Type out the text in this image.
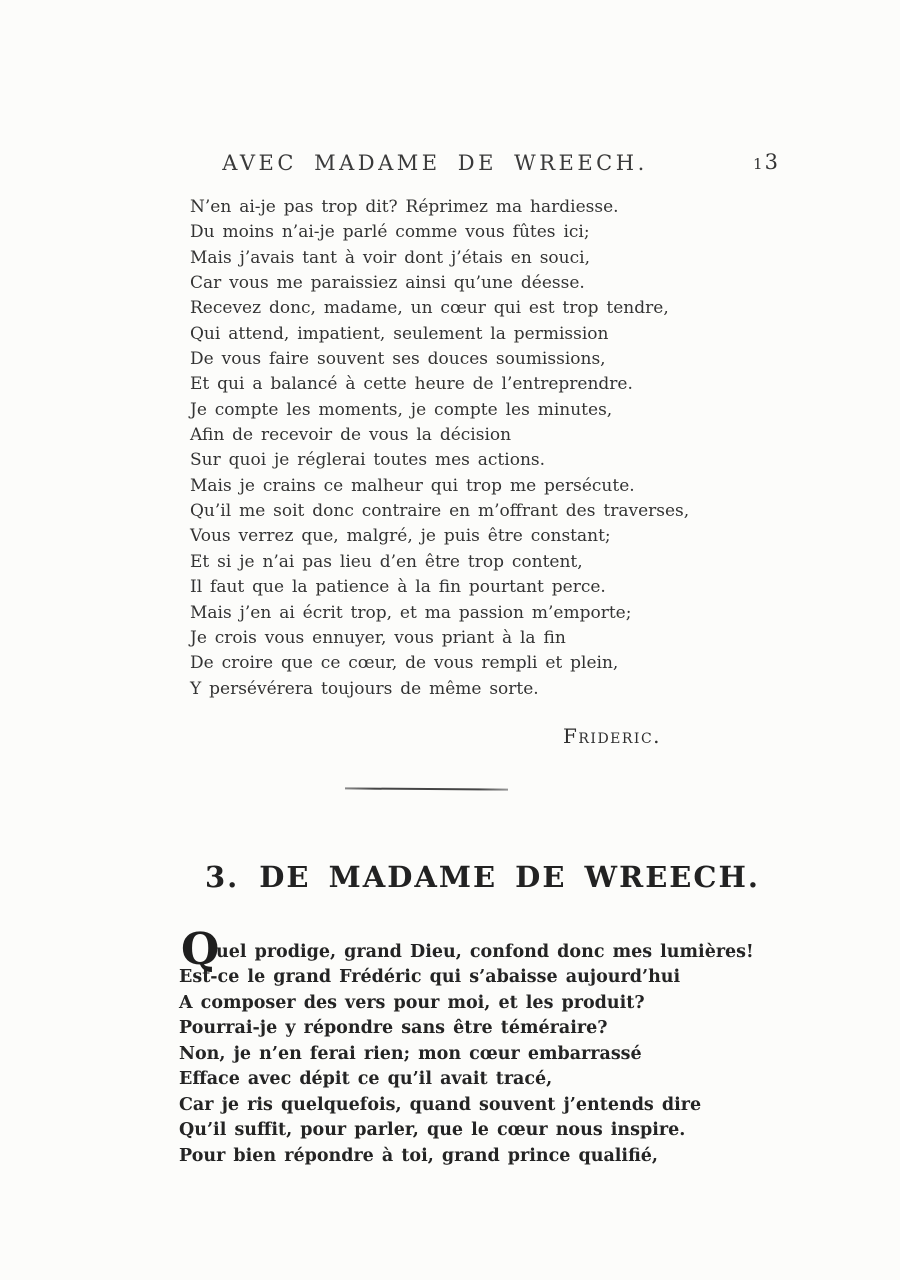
AVEC MADAME DE WREECH.	13
N’en ai-je pas trop dit? Réprimez ma hardiesse.
Du moins n’ai-je parlé comme vous fûtes ici;
Mais j’avais tant à voir dont j’étais en souci,
Car vous me paraissiez ainsi qu’une déesse.
Recevez donc, madame, un cœur qui est trop tendre,
Qui attend, impatient, seulement la permission
De vous faire souvent ses douces soumissions,
Et qui a balancé à cette heure de l’entreprendre.
Je compte les moments, je compte les minutes,
Afin de recevoir de vous la décision
Sur quoi je réglerai toutes mes actions.
Mais je crains ce malheur qui trop me persécute.
Qu’il me soit donc contraire en m’offrant des traverses,
Vous verrez que, malgré, je puis être constant;
Et si je n’ai pas lieu d’en être trop content,
Il faut que la patience à la fin pourtant perce.
Mais j’en ai écrit trop, et ma passion m’emporte;
Je crois vous ennuyer, vous priant à la fin
De croire que ce cœur, de vous rempli et plein,
Y persévérera toujours de même sorte.
Frideric.
3. DE MADAME DE WREECH.
Q
uel prodige, grand Dieu, confond donc mes lumières!
Est-ce le grand Frédéric qui s’abaisse aujourd’hui
A composer des vers pour moi, et les produit?
Pourrai-je y répondre sans être téméraire?
Non, je n’en ferai rien; mon cœur embarrassé
Efface avec dépit ce qu’il avait tracé,
Car je ris quelquefois, quand souvent j’entends dire
Qu’il suffit, pour parler, que le cœur nous inspire.
Pour bien répondre à toi, grand prince qualifié,
